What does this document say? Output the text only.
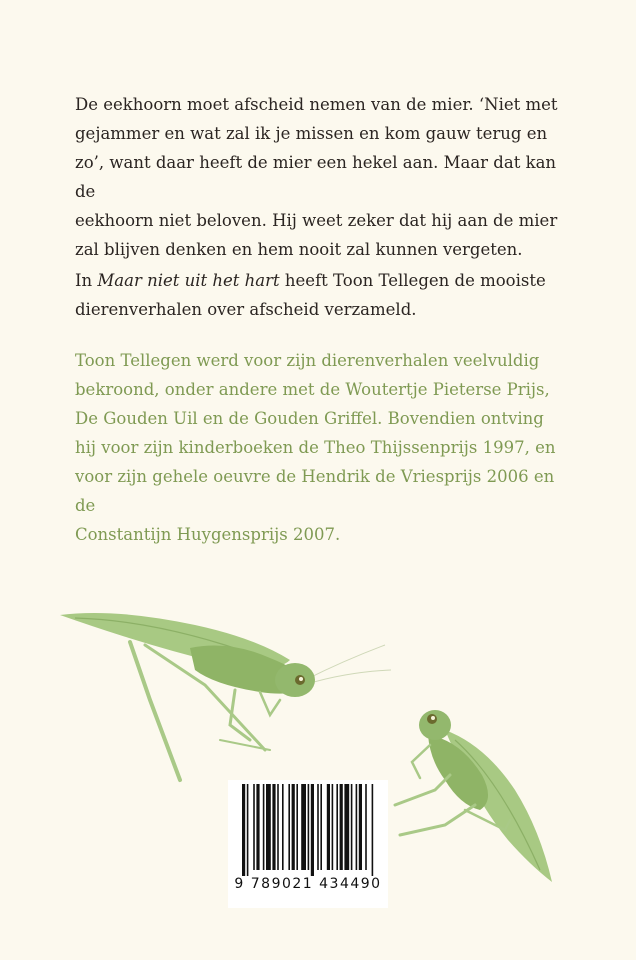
De eekhoorn moet afscheid nemen van de mier. ‘Niet met

gejammer en wat zal ik je missen en kom gauw terug en

zo’, want daar heeft de mier een hekel aan. Maar dat kan de

eekhoorn niet beloven. Hij weet zeker dat hij aan de mier

zal blijven denken en hem nooit zal kunnen vergeten.

In Maar niet uit het hart heeft Toon Tellegen de mooiste

dierenverhalen over afscheid verzameld.

Toon Tellegen werd voor zijn dierenverhalen veelvuldig

bekroond, onder andere met de Woutertje Pieterse Prijs,

De Gouden Uil en de Gouden Griffel. Bovendien ontving

hij voor zijn kinderboeken de Theo Thijssenprijs 1997, en

voor zijn gehele oeuvre de Hendrik de Vriesprijs 2006 en de

Constantijn Huygensprijs 2007.

9 789021 434490
